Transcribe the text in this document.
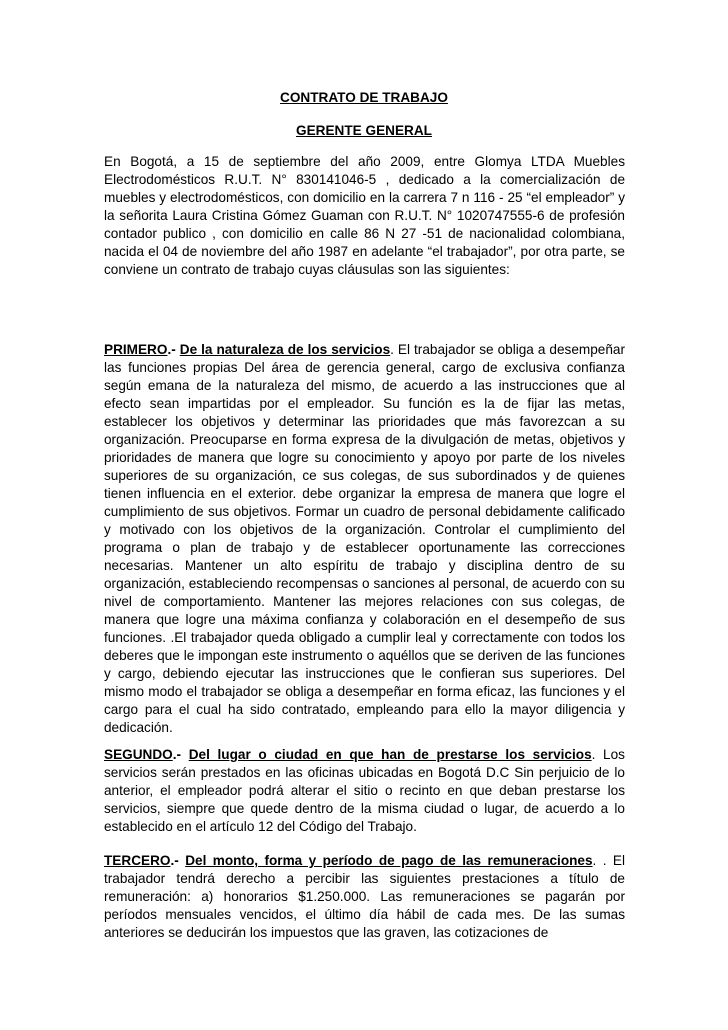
CONTRATO DE TRABAJO
GERENTE GENERAL

En Bogotá, a 15 de septiembre del año 2009, entre Glomya LTDA Muebles Electrodomésticos R.U.T. N° 830141046-5 , dedicado a la comercialización de muebles y electrodomésticos, con domicilio en la carrera 7 n 116 - 25 “el empleador” y la señorita Laura Cristina Gómez Guaman con R.U.T. N° 1020747555-6 de profesión contador publico , con domicilio en calle 86 N 27 -51 de nacionalidad colombiana, nacida el 04 de noviembre del año 1987 en adelante “el trabajador”, por otra parte, se conviene un contrato de trabajo cuyas cláusulas son las siguientes:

PRIMERO.- De la naturaleza de los servicios. El trabajador se obliga a desempeñar las funciones propias Del área de gerencia general, cargo de exclusiva confianza según emana de la naturaleza del mismo, de acuerdo a las instrucciones que al efecto sean impartidas por el empleador. Su función es la de fijar las metas, establecer los objetivos y determinar las prioridades que más favorezcan a su organización. Preocuparse en forma expresa de la divulgación de metas, objetivos y prioridades de manera que logre su conocimiento y apoyo por parte de los niveles superiores de su organización, ce sus colegas, de sus subordinados y de quienes tienen influencia en el exterior. debe organizar la empresa de manera que logre el cumplimiento de sus objetivos. Formar un cuadro de personal debidamente calificado y motivado con los objetivos de la organización. Controlar el cumplimiento del programa o plan de trabajo y de establecer oportunamente las correcciones necesarias. Mantener un alto espíritu de trabajo y disciplina dentro de su organización, estableciendo recompensas o sanciones al personal, de acuerdo con su nivel de comportamiento. Mantener las mejores relaciones con sus colegas, de manera que logre una máxima confianza y colaboración en el desempeño de sus funciones. .El trabajador queda obligado a cumplir leal y correctamente con todos los deberes que le impongan este instrumento o aquéllos que se deriven de las funciones y cargo, debiendo ejecutar las instrucciones que le confieran sus superiores. Del mismo modo el trabajador se obliga a desempeñar en forma eficaz, las funciones y el cargo para el cual ha sido contratado, empleando para ello la mayor diligencia y dedicación.

SEGUNDO.- Del lugar o ciudad en que han de prestarse los servicios. Los servicios serán prestados en las oficinas ubicadas en Bogotá D.C Sin perjuicio de lo anterior, el empleador podrá alterar el sitio o recinto en que deban prestarse los servicios, siempre que quede dentro de la misma ciudad o lugar, de acuerdo a lo establecido en el artículo 12 del Código del Trabajo.

TERCERO.- Del monto, forma y período de pago de las remuneraciones. . El trabajador tendrá derecho a percibir las siguientes prestaciones a título de remuneración: a) honorarios $1.250.000. Las remuneraciones se pagarán por períodos mensuales vencidos, el último día hábil de cada mes. De las sumas anteriores se deducirán los impuestos que las graven, las cotizaciones de
